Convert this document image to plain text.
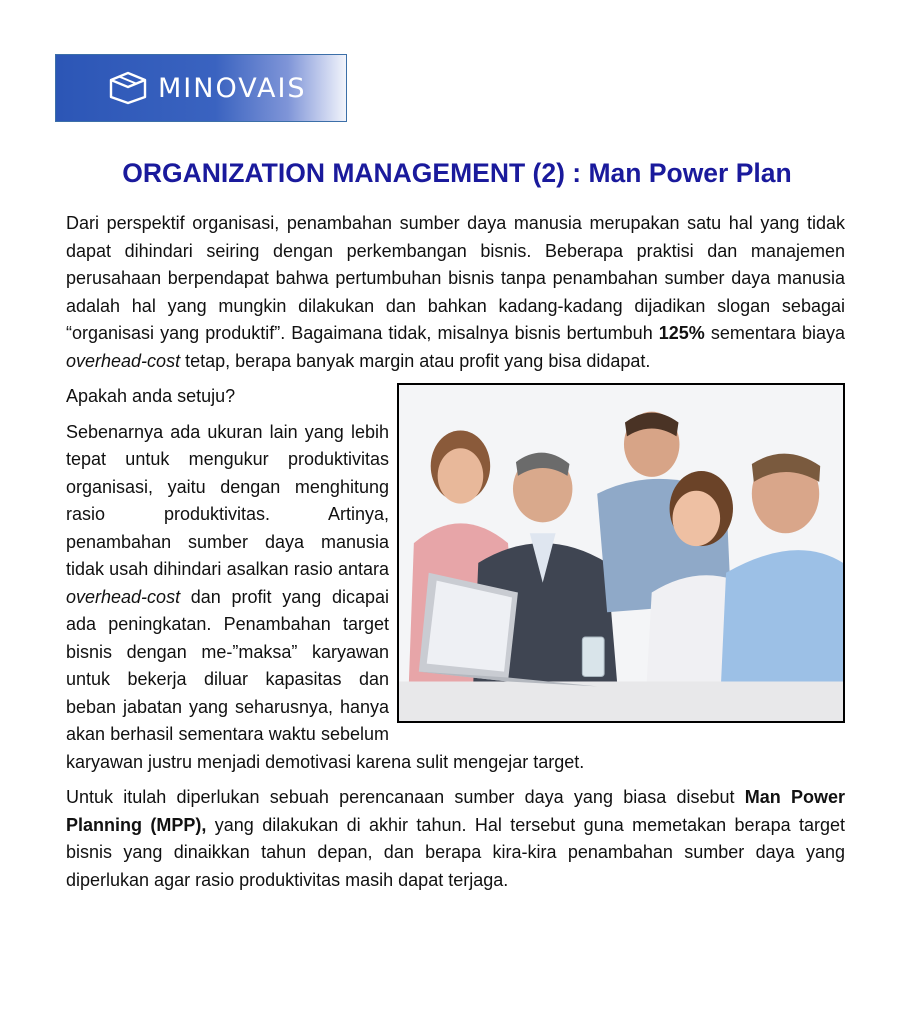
MINOVAIS
ORGANIZATION MANAGEMENT (2) : Man Power Plan

Dari perspektif organisasi, penambahan sumber daya manusia merupakan satu hal yang tidak dapat dihindari seiring dengan perkembangan bisnis. Beberapa praktisi dan manajemen perusahaan berpendapat bahwa pertumbuhan bisnis tanpa penambahan sumber daya manusia adalah hal yang mungkin dilakukan dan bahkan kadang-kadang dijadikan slogan sebagai “organisasi yang produktif”. Bagaimana tidak, misalnya bisnis bertumbuh 125% sementara biaya overhead-cost tetap, berapa banyak margin atau profit yang bisa didapat.

Apakah anda setuju?

Sebenarnya ada ukuran lain yang lebih tepat untuk mengukur produktivitas organisasi, yaitu dengan menghitung rasio produktivitas. Artinya, penambahan sumber daya manusia tidak usah dihindari asalkan rasio antara overhead-cost dan profit yang dicapai ada peningkatan. Penambahan target bisnis dengan me-”maksa” karyawan untuk bekerja diluar kapasitas dan beban jabatan yang seharusnya, hanya akan berhasil sementara waktu sebelum karyawan justru menjadi demotivasi karena sulit mengejar target.

Untuk itulah diperlukan sebuah perencanaan sumber daya yang biasa disebut Man Power Planning (MPP), yang dilakukan di akhir tahun. Hal tersebut guna memetakan berapa target bisnis yang dinaikkan tahun depan, dan berapa kira-kira penambahan sumber daya yang diperlukan agar rasio produktivitas masih dapat terjaga.
